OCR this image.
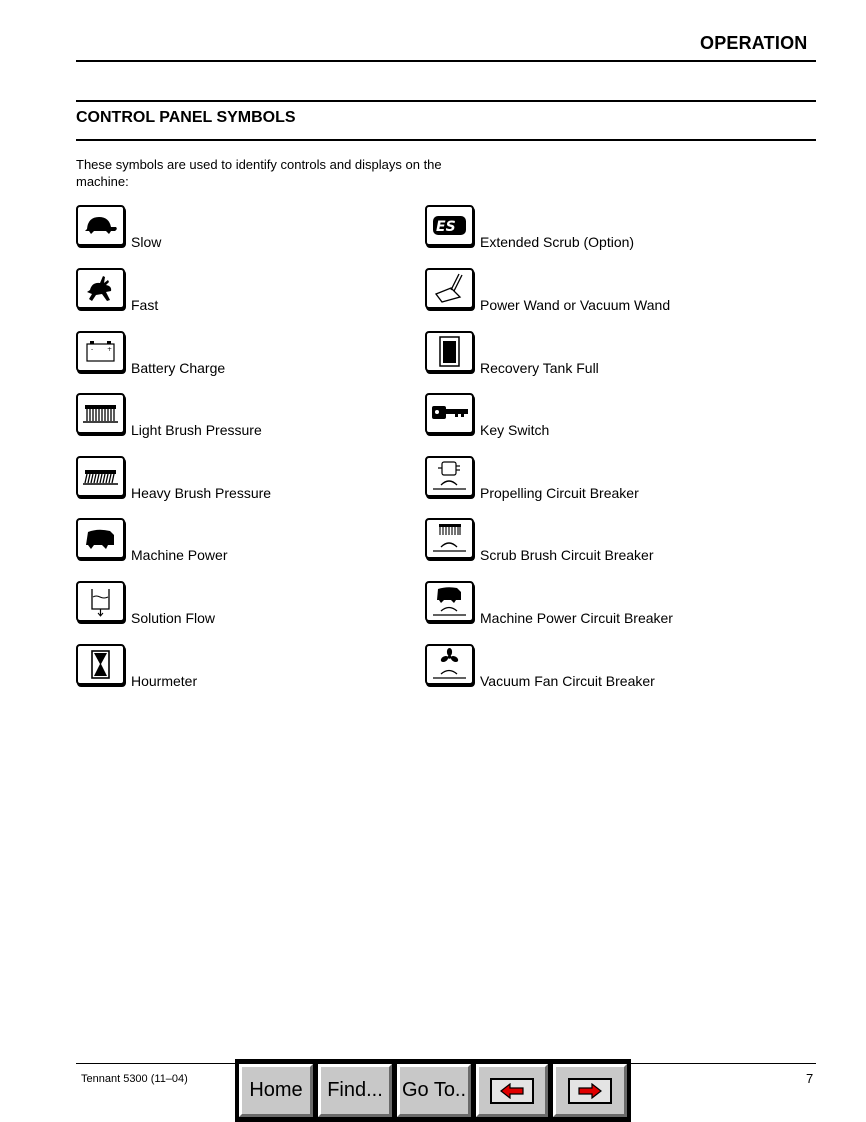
OPERATION
CONTROL PANEL SYMBOLS
These symbols are used to identify controls and displays on the machine:
Slow
Fast
- +
Battery Charge
Light Brush Pressure
Heavy Brush Pressure
Machine Power
Solution Flow
Hourmeter
ES
Extended Scrub (Option)
Power Wand or Vacuum Wand
Recovery Tank Full
Key Switch
Propelling Circuit Breaker
Scrub Brush Circuit Breaker
Machine Power Circuit Breaker
Vacuum Fan Circuit Breaker
Tennant 5300 (11–04)	7
Home	Find... Go To..
